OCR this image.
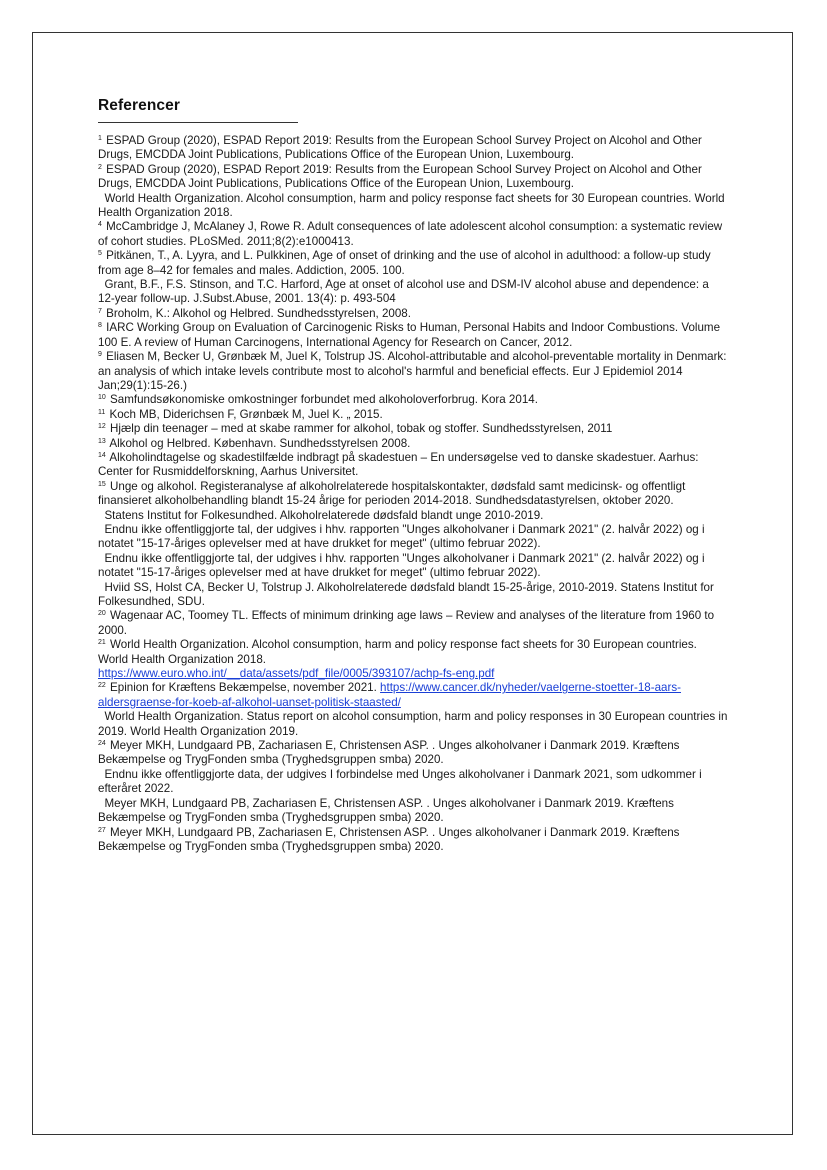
Referencer

$^1$ ESPAD Group (2020), ESPAD Report 2019: Results from the European School Survey Project on Alcohol and Other Drugs, EMCDDA Joint Publications, Publications Office of the European Union, Luxembourg.

$^2$ ESPAD Group (2020), ESPAD Report 2019: Results from the European School Survey Project on Alcohol and Other Drugs, EMCDDA Joint Publications, Publications Office of the European Union, Luxembourg.

World Health Organization. Alcohol consumption, harm and policy response fact sheets for 30 European countries. World Health Organization 2018.

$^4$ McCambridge J, McAlaney J, Rowe R. Adult consequences of late adolescent alcohol consumption: a systematic review of cohort studies. PLoSMed. 2011;8(2):e1000413.

$^5$ Pitkänen, T., A. Lyyra, and L. Pulkkinen, Age of onset of drinking and the use of alcohol in adulthood: a follow-up study from age 8–42 for females and males. Addiction, 2005. 100.

Grant, B.F., F.S. Stinson, and T.C. Harford, Age at onset of alcohol use and DSM-IV alcohol abuse and dependence: a 12-year follow-up. J.Subst.Abuse, 2001. 13(4): p. 493-504

$^7$ Broholm, K.: Alkohol og Helbred. Sundhedsstyrelsen, 2008.

$^8$ IARC Working Group on Evaluation of Carcinogenic Risks to Human, Personal Habits and Indoor Combustions. Volume 100 E. A review of Human Carcinogens, International Agency for Research on Cancer, 2012.

$^9$ Eliasen M, Becker U, Grønbæk M, Juel K, Tolstrup JS. Alcohol-attributable and alcohol-preventable mortality in Denmark: an analysis of which intake levels contribute most to alcohol's harmful and beneficial effects. Eur J Epidemiol 2014 Jan;29(1):15-26.)

$^{10}$ Samfundsøkonomiske omkostninger forbundet med alkoholoverforbrug. Kora 2014.

$^{11}$ Koch MB, Diderichsen F, Grønbæk M, Juel K. „ 2015.

$^{12}$ Hjælp din teenager – med at skabe rammer for alkohol, tobak og stoffer. Sundhedsstyrelsen, 2011

$^{13}$ Alkohol og Helbred. København. Sundhedsstyrelsen 2008.

$^{14}$ Alkoholindtagelse og skadestilfælde indbragt på skadestuen – En undersøgelse ved to danske skadestuer. Aarhus: Center for Rusmiddelforskning, Aarhus Universitet.

$^{15}$ Unge og alkohol. Registeranalyse af alkoholrelaterede hospitalskontakter, dødsfald samt medicinsk- og offentligt finansieret alkoholbehandling blandt 15-24 årige for perioden 2014-2018. Sundhedsdatastyrelsen, oktober 2020.

Statens Institut for Folkesundhed. Alkoholrelaterede dødsfald blandt unge 2010-2019.

Endnu ikke offentliggjorte tal, der udgives i hhv. rapporten "Unges alkoholvaner i Danmark 2021" (2. halvår 2022) og i notatet "15-17-åriges oplevelser med at have drukket for meget" (ultimo februar 2022).

Endnu ikke offentliggjorte tal, der udgives i hhv. rapporten "Unges alkoholvaner i Danmark 2021" (2. halvår 2022) og i notatet "15-17-åriges oplevelser med at have drukket for meget" (ultimo februar 2022).

Hviid SS, Holst CA, Becker U, Tolstrup J. Alkoholrelaterede dødsfald blandt 15-25-årige, 2010-2019. Statens Institut for Folkesundhed, SDU.

$^{20}$ Wagenaar AC, Toomey TL. Effects of minimum drinking age laws – Review and analyses of the literature from 1960 to 2000.

$^{21}$ World Health Organization. Alcohol consumption, harm and policy response fact sheets for 30 European countries. World Health Organization 2018.
https://www.euro.who.int/__data/assets/pdf_file/0005/393107/achp-fs-eng.pdf

$^{22}$ Epinion for Kræftens Bekæmpelse, november 2021. https://www.cancer.dk/nyheder/vaelgerne-stoetter-18-aars-aldersgraense-for-koeb-af-alkohol-uanset-politisk-staasted/

World Health Organization. Status report on alcohol consumption, harm and policy responses in 30 European countries in 2019. World Health Organization 2019.

$^{24}$ Meyer MKH, Lundgaard PB, Zachariasen E, Christensen ASP. . Unges alkoholvaner i Danmark 2019. Kræftens Bekæmpelse og TrygFonden smba (Tryghedsgruppen smba) 2020.

Endnu ikke offentliggjorte data, der udgives I forbindelse med Unges alkoholvaner i Danmark 2021, som udkommer i efteråret 2022.

Meyer MKH, Lundgaard PB, Zachariasen E, Christensen ASP. . Unges alkoholvaner i Danmark 2019. Kræftens Bekæmpelse og TrygFonden smba (Tryghedsgruppen smba) 2020.

$^{27}$ Meyer MKH, Lundgaard PB, Zachariasen E, Christensen ASP. . Unges alkoholvaner i Danmark 2019. Kræftens Bekæmpelse og TrygFonden smba (Tryghedsgruppen smba) 2020.
